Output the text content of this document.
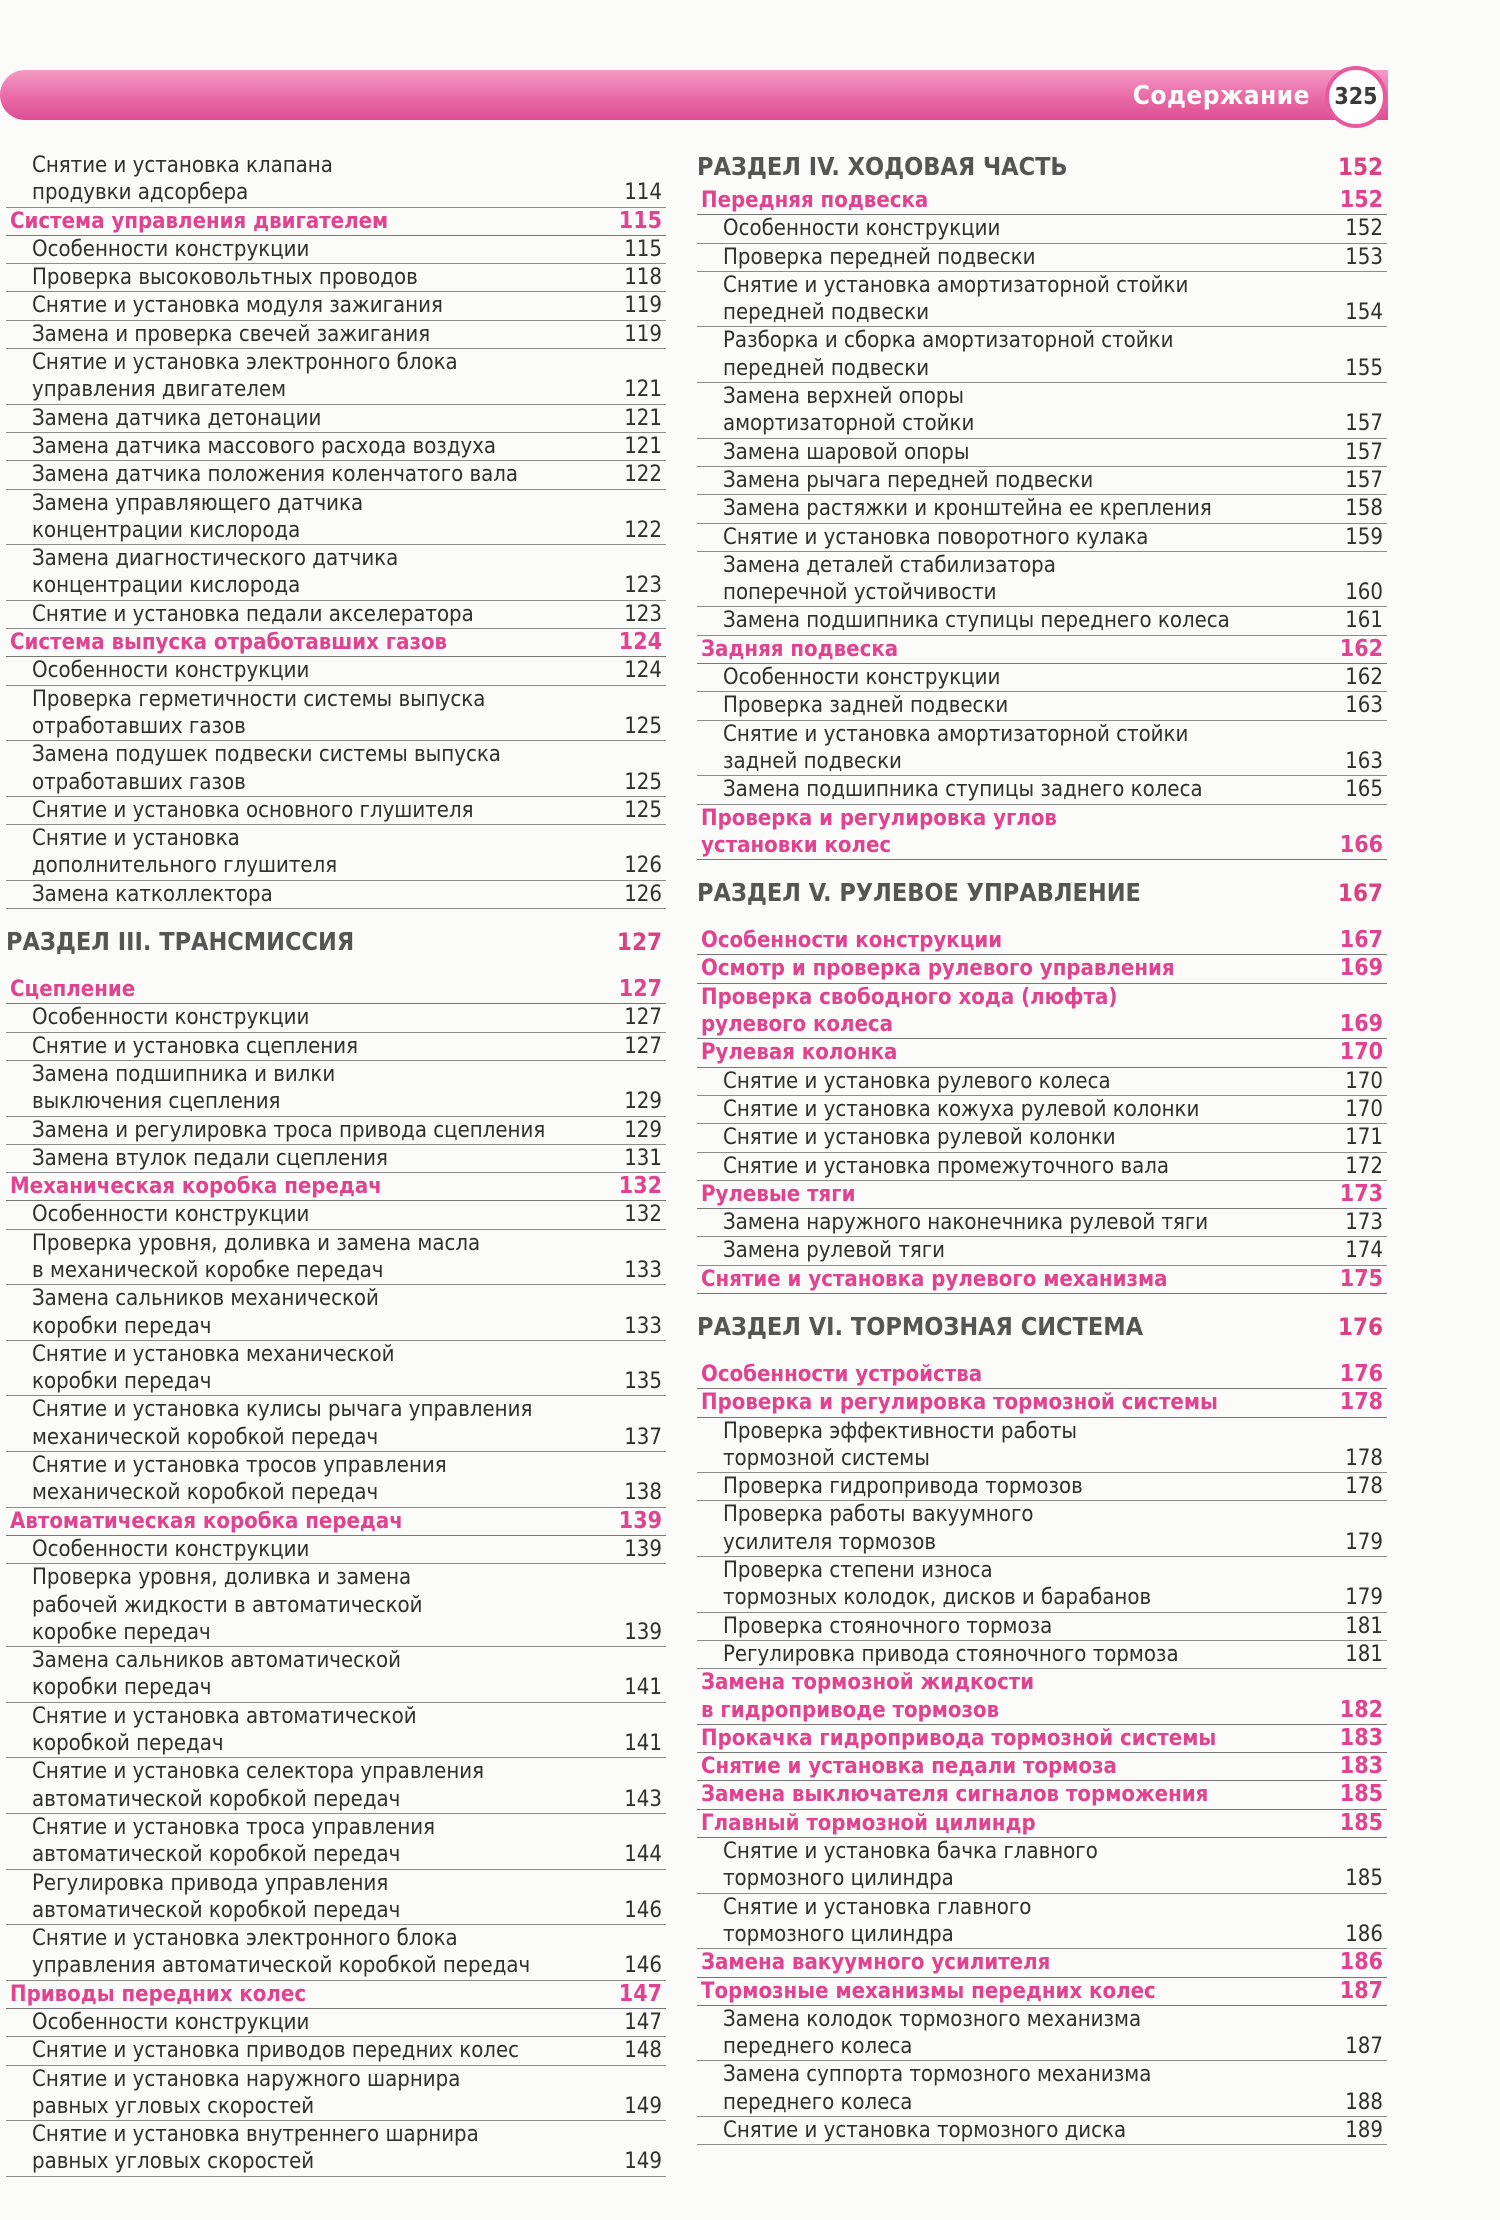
Содержание	325
Снятие и установка клапана
продувки адсорбера	114
Система управления двигателем	115
Особенности конструкции	115
Проверка высоковольтных проводов	118
Снятие и установка модуля зажигания	119
Замена и проверка свечей зажигания	119
Снятие и установка электронного блока
управления двигателем	121
Замена датчика детонации	121
Замена датчика массового расхода воздуха	121
Замена датчика положения коленчатого вала	122
Замена управляющего датчика
концентрации кислорода	122
Замена диагностического датчика
концентрации кислорода	123
Снятие и установка педали акселератора	123
Система выпуска отработавших газов	124
Особенности конструкции	124
Проверка герметичности системы выпуска
отработавших газов	125
Замена подушек подвески системы выпуска
отработавших газов	125
Снятие и установка основного глушителя	125
Снятие и установка
дополнительного глушителя	126
Замена катколлектора	126
РАЗДЕЛ III. ТРАНСМИССИЯ	127
Сцепление	127
Особенности конструкции	127
Снятие и установка сцепления	127
Замена подшипника и вилки
выключения сцепления	129
Замена и регулировка троса привода сцепления	129
Замена втулок педали сцепления	131
Механическая коробка передач	132
Особенности конструкции	132
Проверка уровня, доливка и замена масла
в механической коробке передач	133
Замена сальников механической
коробки передач	133
Снятие и установка механической
коробки передач	135
Снятие и установка кулисы рычага управления
механической коробкой передач	137
Снятие и установка тросов управления
механической коробкой передач	138
Автоматическая коробка передач	139
Особенности конструкции	139
Проверка уровня, доливка и замена
рабочей жидкости в автоматической
коробке передач	139
Замена сальников автоматической
коробки передач	141
Снятие и установка автоматической
коробкой передач	141
Снятие и установка селектора управления
автоматической коробкой передач	143
Снятие и установка троса управления
автоматической коробкой передач	144
Регулировка привода управления
автоматической коробкой передач	146
Снятие и установка электронного блока
управления автоматической коробкой передач	146
Приводы передних колес	147
Особенности конструкции	147
Снятие и установка приводов передних колес	148
Снятие и установка наружного шарнира
равных угловых скоростей	149
Снятие и установка внутреннего шарнира
равных угловых скоростей	149
РАЗДЕЛ IV. ХОДОВАЯ ЧАСТЬ	152
Передняя подвеска	152
Особенности конструкции	152
Проверка передней подвески	153
Снятие и установка амортизаторной стойки
передней подвески	154
Разборка и сборка амортизаторной стойки
передней подвески	155
Замена верхней опоры
амортизаторной стойки	157
Замена шаровой опоры	157
Замена рычага передней подвески	157
Замена растяжки и кронштейна ее крепления	158
Снятие и установка поворотного кулака	159
Замена деталей стабилизатора
поперечной устойчивости	160
Замена подшипника ступицы переднего колеса	161
Задняя подвеска	162
Особенности конструкции	162
Проверка задней подвески	163
Снятие и установка амортизаторной стойки
задней подвески	163
Замена подшипника ступицы заднего колеса	165
Проверка и регулировка углов
установки колес	166
РАЗДЕЛ V. РУЛЕВОЕ УПРАВЛЕНИЕ	167
Особенности конструкции	167
Осмотр и проверка рулевого управления	169
Проверка свободного хода (люфта)
рулевого колеса	169
Рулевая колонка	170
Снятие и установка рулевого колеса	170
Снятие и установка кожуха рулевой колонки	170
Снятие и установка рулевой колонки	171
Снятие и установка промежуточного вала	172
Рулевые тяги	173
Замена наружного наконечника рулевой тяги	173
Замена рулевой тяги	174
Снятие и установка рулевого механизма	175
РАЗДЕЛ VI. ТОРМОЗНАЯ СИСТЕМА	176
Особенности устройства	176
Проверка и регулировка тормозной системы	178
Проверка эффективности работы
тормозной системы	178
Проверка гидропривода тормозов	178
Проверка работы вакуумного
усилителя тормозов	179
Проверка степени износа
тормозных колодок, дисков и барабанов	179
Проверка стояночного тормоза	181
Регулировка привода стояночного тормоза	181
Замена тормозной жидкости
в гидроприводе тормозов	182
Прокачка гидропривода тормозной системы	183
Снятие и установка педали тормоза	183
Замена выключателя сигналов торможения	185
Главный тормозной цилиндр	185
Снятие и установка бачка главного
тормозного цилиндра	185
Снятие и установка главного
тормозного цилиндра	186
Замена вакуумного усилителя	186
Тормозные механизмы передних колес	187
Замена колодок тормозного механизма
переднего колеса	187
Замена суппорта тормозного механизма
переднего колеса	188
Снятие и установка тормозного диска	189
